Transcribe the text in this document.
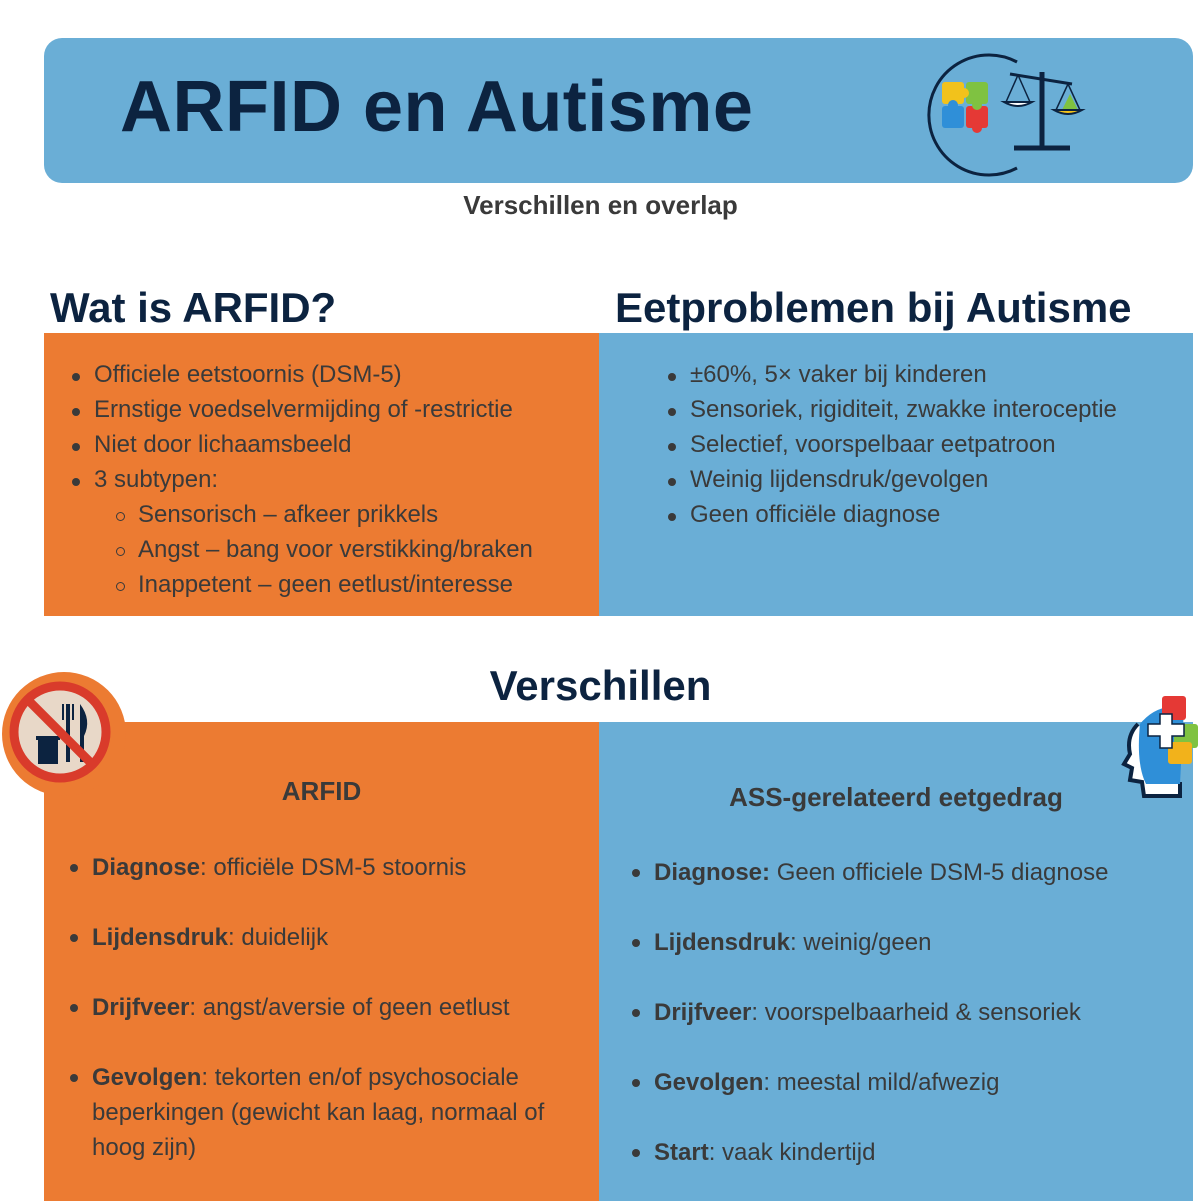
ARFID en Autisme
Verschillen en overlap
Wat is ARFID?	Eetproblemen bij Autisme
Officiele eetstoornis (DSM-5)
Ernstige voedselvermijding of -restrictie
Niet door lichaamsbeeld
3 subtypen:
Sensorisch – afkeer prikkels
Angst – bang voor verstikking/braken
Inappetent – geen eetlust/interesse
±60%, 5× vaker bij kinderen
Sensoriek, rigiditeit, zwakke interoceptie
Selectief, voorspelbaar eetpatroon
Weinig lijdensdruk/gevolgen
Geen officiële diagnose
Verschillen
ARFID
Diagnose: officiële DSM-5 stoornis
Lijdensdruk: duidelijk
Drijfveer: angst/aversie of geen eetlust
Gevolgen: tekorten en/of psychosociale beperkingen (gewicht kan laag, normaal of hoog zijn)
ASS-gerelateerd eetgedrag
Diagnose: Geen officiele DSM-5 diagnose
Lijdensdruk: weinig/geen
Drijfveer: voorspelbaarheid & sensoriek
Gevolgen: meestal mild/afwezig
Start: vaak kindertijd
